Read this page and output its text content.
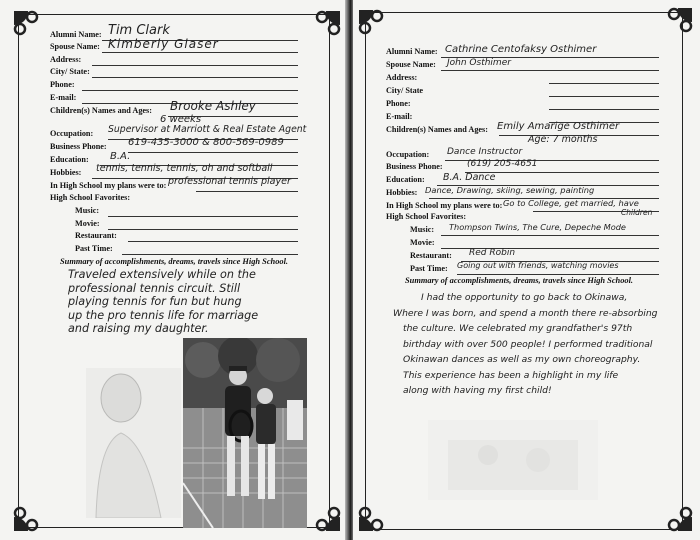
Alumni Name:
Spouse Name:
Address:
City/ State:
Phone:
E-mail:
Children(s) Names and Ages:
Occupation:
Business Phone:
Education:
Hobbies:
In High School my plans were to:
High School Favorites:
Music:
Movie:
Restaurant:
Past Time:
Tim Clark
Kimberly Glaser
Brooke Ashley
6 weeks
Supervisor at Marriott & Real Estate Agent
619-435-3000 & 800-569-0989
B.A.
tennis, tennis, tennis, oh and softball
professional tennis player
Summary of accomplishments, dreams, travels since High School.
Traveled extensively while on the
professional tennis circuit. Still
playing tennis for fun but hung
up the pro tennis life for marriage
and raising my daughter.
Alumni Name:
Spouse Name:
Address:
City/ State
Phone:
E-mail:
Children(s) Names and Ages:
Occupation:
Business Phone:
Education:
Hobbies:
In High School my plans were to:
High School Favorites:
Music:
Movie:
Restaurant:
Past Time:
Cathrine Centofaksy Osthimer
John Osthimer
Emily Amarige Osthimer
Age: 7 months
Dance Instructor
(619) 205-4651
B.A. Dance
Dance, Drawing, skiing, sewing, painting
Go to College, get married, have
Children
Thompson Twins, The Cure, Depeche Mode
Red Robin
Going out with friends, watching movies
Summary of accomplishments, dreams, travels since High School.
I had the opportunity to go back to Okinawa,
Where I was born, and spend a month there re-absorbing
the culture. We celebrated my grandfather's 97th
birthday with over 500 people! I performed traditional
Okinawan dances as well as my own choreography.
This experience has been a highlight in my life
along with having my first child!
